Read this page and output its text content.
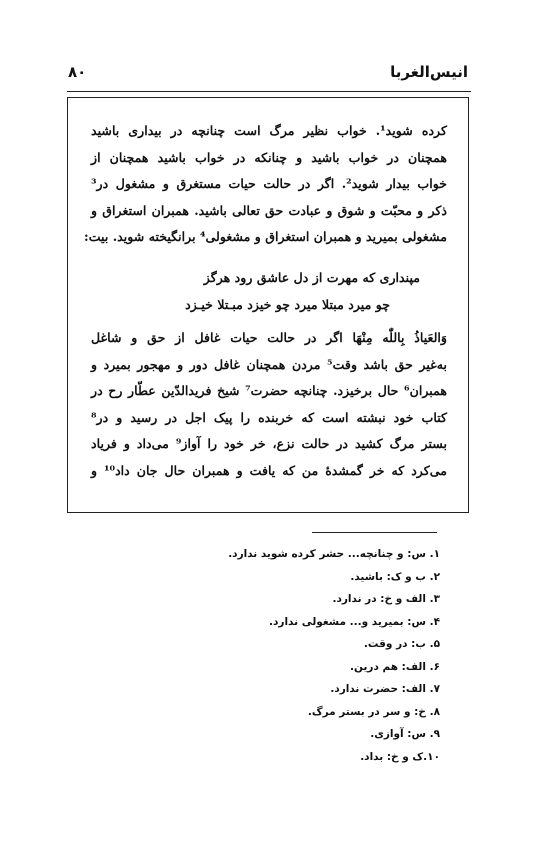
۸۰	انیس‌الغربا
کرده شوید¹. خواب نظیر مرگ است چنانچه در بیداری باشید
همچنان در خواب باشید و چنانکه در خواب باشید همچنان از
خواب بیدار شوید². اگر در حالت حیات مستغرق و مشغول در³
ذکر و محبّت و شوق و عبادت حق تعالی باشید. همبران استغراق و
مشغولی بمیرید و همبران استغراق و مشغولی⁴ برانگیخته شوید. بیت:
مپنداری که مهرت از دل عاشق رود هرگز
چو میرد مبتلا میرد چو خیزد مبـتلا خیـزد
وَالعَیاذُ بِاللّٰه مِنْهَا اگر در حالت حیات غافل از حق و شاغل
به‌غیر حق باشد وقت⁵ مردن همچنان غافل دور و مهجور بمیرد و
همبران⁶ حال برخیزد. چنانچه حضرت⁷ شیخ فریدالدّین عطّار رح در
کتاب خود نبشته است که خربنده را پیک اجل در رسید و در⁸
بستر مرگ کشید در حالت نزع، خر خود را آواز⁹ می‌داد و فریاد
می‌کرد که خر گمشدهٔ من که یافت و همبران حال جان داد¹⁰ و
۱. س: و چنانچه... حشر کرده شوید ندارد.
۲. ب و ک: باشید.
۳. الف و خ: در ندارد.
۴. س: بمیرید و... مشغولی ندارد.
۵. ب: در وقت.
۶. الف: هم درین.
۷. الف: حضرت ندارد.
۸. خ: و سر در بستر مرگ.
۹. س: آوازی.
۱۰.ک و خ: بداد.
